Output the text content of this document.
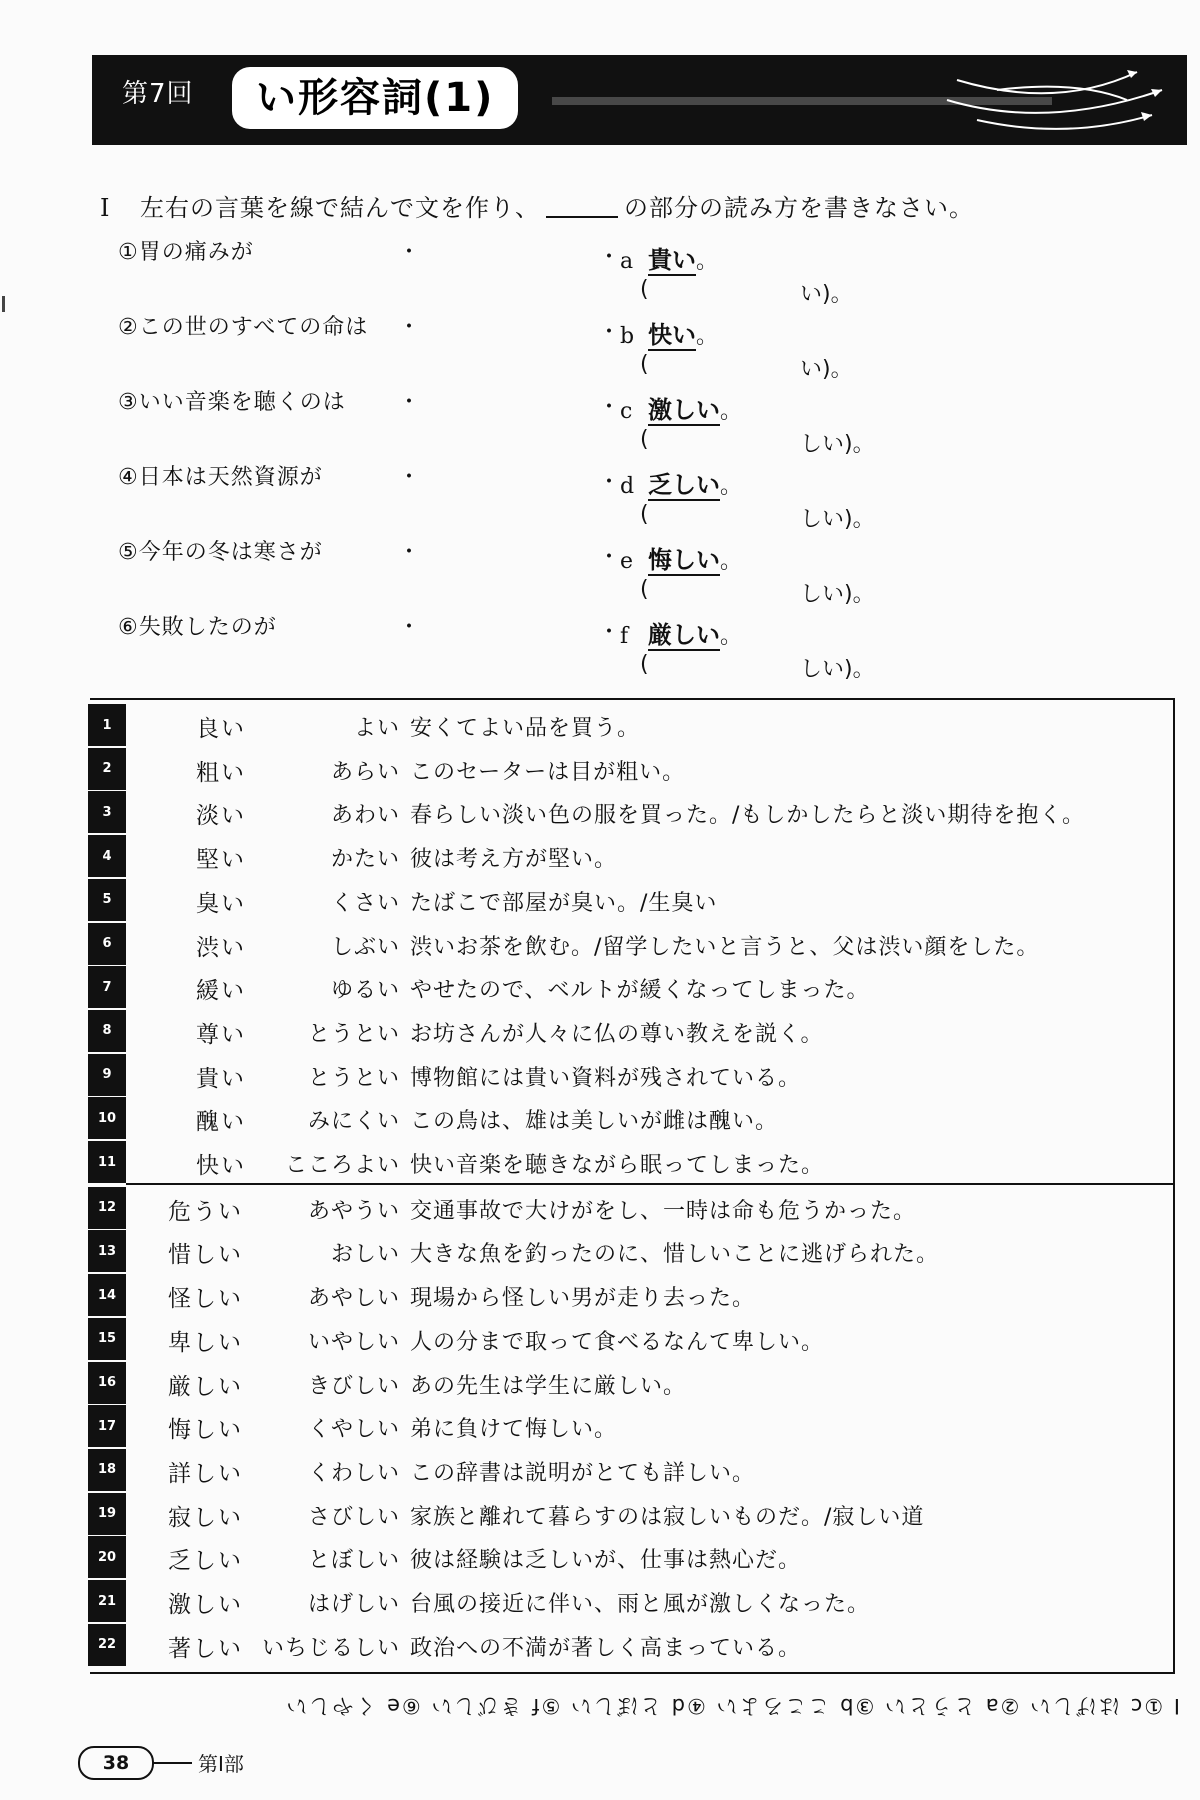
第7回	い形容詞(1)
I 左右の言葉を線で結んで文を作り、	の部分の読み方を書きなさい。
①胃の痛みが
②この世のすべての命は
③いい音楽を聴くのは
④日本は天然資源が
⑤今年の冬は寒さが
⑥失敗したのが
・
・
・
・
・
・
・
・
・
・
・
・
a 貴い。
(	い)。
b 快い。
(	い)。
c 激しい。
(	しい)。
d 乏しい。
(	しい)。
e 悔しい。
(	しい)。
f 厳しい。
(	しい)。
1	良い	よい 安くてよい品を買う。
2	粗い	あらい このセーターは目が粗い。
3	淡い	あわい 春らしい淡い色の服を買った。/もしかしたらと淡い期待を抱く。
4	堅い	かたい 彼は考え方が堅い。
5	臭い	くさい たばこで部屋が臭い。/生臭い
6	渋い	しぶい 渋いお茶を飲む。/留学したいと言うと、父は渋い顔をした。
7	緩い	ゆるい やせたので、ベルトが緩くなってしまった。
8	尊い	とうとい お坊さんが人々に仏の尊い教えを説く。
9	貴い	とうとい 博物館には貴い資料が残されている。
10	醜い	みにくい この鳥は、雄は美しいが雌は醜い。
11	快い こころよい 快い音楽を聴きながら眠ってしまった。
12	危うい	あやうい 交通事故で大けがをし、一時は命も危うかった。
13	惜しい	おしい 大きな魚を釣ったのに、惜しいことに逃げられた。
14	怪しい	あやしい 現場から怪しい男が走り去った。
15	卑しい	いやしい 人の分まで取って食べるなんて卑しい。
16	厳しい	きびしい あの先生は学生に厳しい。
17	悔しい	くやしい 弟に負けて悔しい。
18	詳しい	くわしい この辞書は説明がとても詳しい。
19	寂しい	さびしい 家族と離れて暮らすのは寂しいものだ。/寂しい道
20	乏しい	とぼしい 彼は経験は乏しいが、仕事は熱心だ。
21	激しい	はげしい 台風の接近に伴い、雨と風が激しくなった。
22	著しい いちじるしい 政治への不満が著しく高まっている。
I ①c はげしい ②a とうとい ③b こころよい ④d とぼしい ⑤f きびしい ⑥e くやしい
38	第I部
